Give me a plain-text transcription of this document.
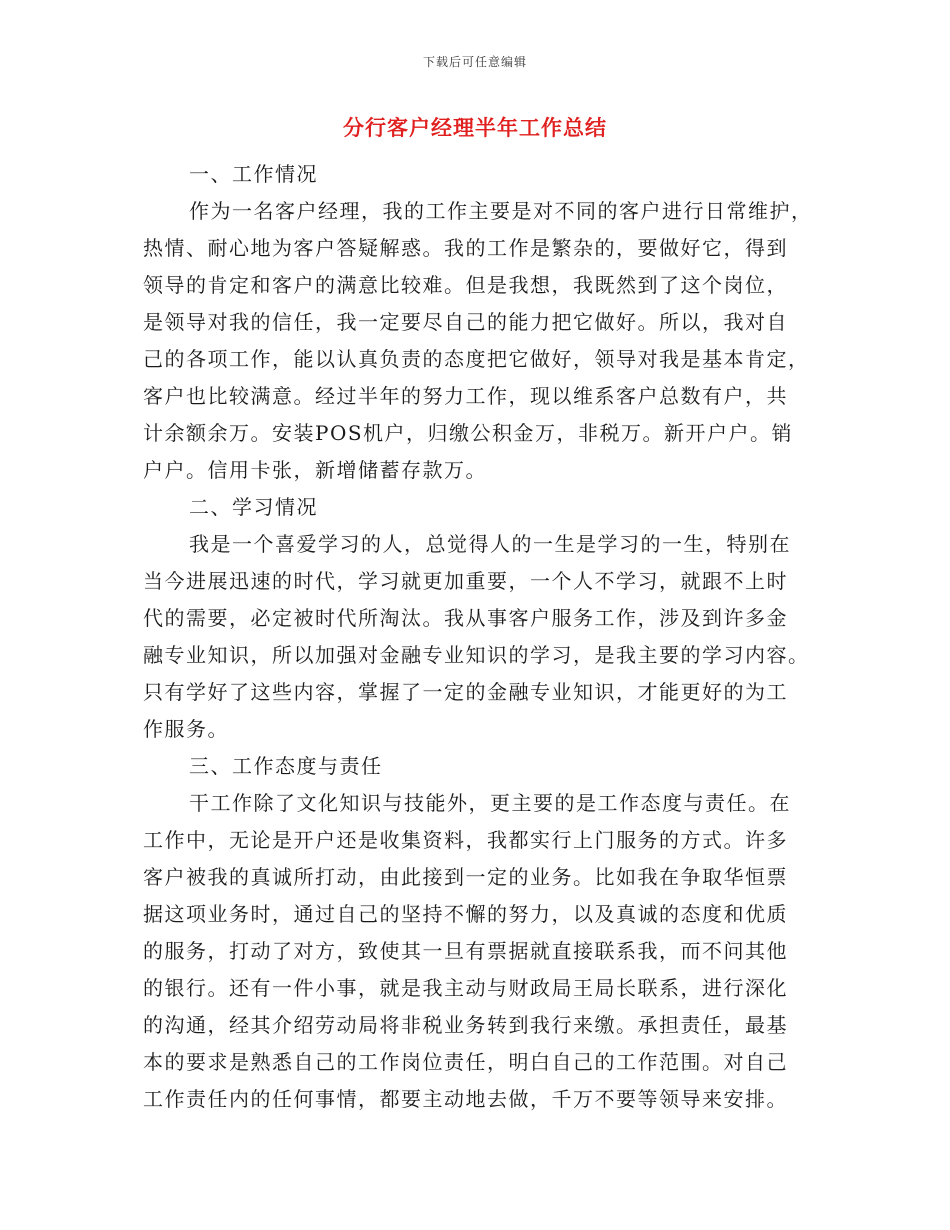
下载后可任意编辑
分行客户经理半年工作总结
一、工作情况
作为一名客户经理，我的工作主要是对不同的客户进行日常维护，
热情、耐心地为客户答疑解惑。我的工作是繁杂的，要做好它，得到
领导的肯定和客户的满意比较难。但是我想，我既然到了这个岗位，
是领导对我的信任，我一定要尽自己的能力把它做好。所以，我对自
己的各项工作，能以认真负责的态度把它做好，领导对我是基本肯定，
客户也比较满意。经过半年的努力工作，现以维系客户总数有户，共
计余额余万。安装POS机户，归缴公积金万，非税万。新开户户。销
户户。信用卡张，新增储蓄存款万。
二、学习情况
我是一个喜爱学习的人，总觉得人的一生是学习的一生，特别在
当今进展迅速的时代，学习就更加重要，一个人不学习，就跟不上时
代的需要，必定被时代所淘汰。我从事客户服务工作，涉及到许多金
融专业知识，所以加强对金融专业知识的学习，是我主要的学习内容。
只有学好了这些内容，掌握了一定的金融专业知识，才能更好的为工
作服务。
三、工作态度与责任
干工作除了文化知识与技能外，更主要的是工作态度与责任。在
工作中，无论是开户还是收集资料，我都实行上门服务的方式。许多
客户被我的真诚所打动，由此接到一定的业务。比如我在争取华恒票
据这项业务时，通过自己的坚持不懈的努力，以及真诚的态度和优质
的服务，打动了对方，致使其一旦有票据就直接联系我，而不问其他
的银行。还有一件小事，就是我主动与财政局王局长联系，进行深化
的沟通，经其介绍劳动局将非税业务转到我行来缴。承担责任，最基
本的要求是熟悉自己的工作岗位责任，明白自己的工作范围。对自己
工作责任内的任何事情，都要主动地去做，千万不要等领导来安排。
